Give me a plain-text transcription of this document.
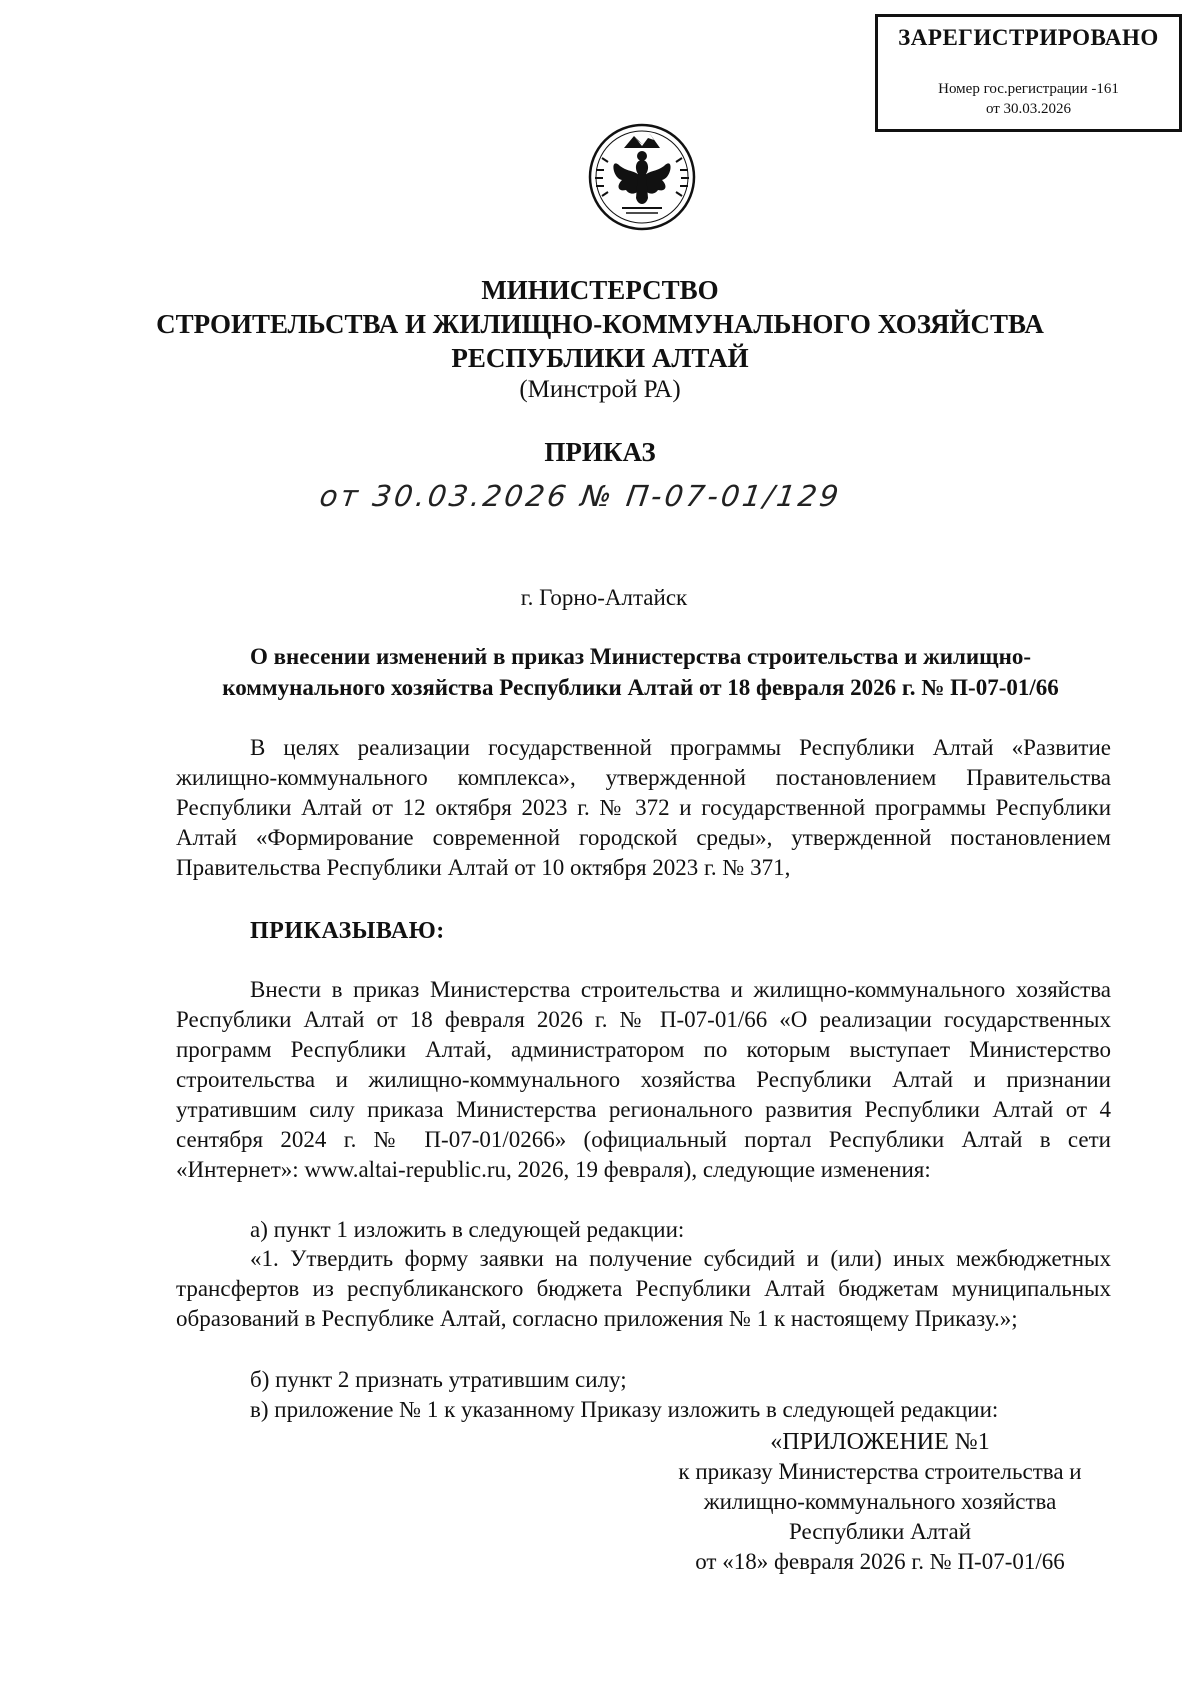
ЗАРЕГИСТРИРОВАНО
Номер гос.регистрации -161
от 30.03.2026
МИНИСТЕРСТВО
СТРОИТЕЛЬСТВА И ЖИЛИЩНО-КОММУНАЛЬНОГО ХОЗЯЙСТВА
РЕСПУБЛИКИ АЛТАЙ
(Минстрой РА)
ПРИКАЗ
от 30.03.2026 № П-07-01/129
г. Горно-Алтайск
О внесении изменений в приказ Министерства строительства и жилищно-
коммунального хозяйства Республики Алтай от 18 февраля 2026 г. № П-07-01/66

В целях реализации государственной программы Республики Алтай «Развитие жилищно-коммунального комплекса», утвержденной постановлением Правительства Республики Алтай от 12 октября 2023 г. № 372 и государственной программы Республики Алтай «Формирование современной городской среды», утвержденной постановлением Правительства Республики Алтай от 10 октября 2023 г. № 371,

ПРИКАЗЫВАЮ:

Внести в приказ Министерства строительства и жилищно-коммунального хозяйства Республики Алтай от 18 февраля 2026 г. № П-07-01/66 «О реализации государственных программ Республики Алтай, администратором по которым выступает Министерство строительства и жилищно-коммунального хозяйства Республики Алтай и признании утратившим силу приказа Министерства регионального развития Республики Алтай от 4 сентября 2024 г. № П-07-01/0266» (официальный портал Республики Алтай в сети «Интернет»: www.altai-republic.ru, 2026, 19 февраля), следующие изменения:

а) пункт 1 изложить в следующей редакции:

«1. Утвердить форму заявки на получение субсидий и (или) иных межбюджетных трансфертов из республиканского бюджета Республики Алтай бюджетам муниципальных образований в Республике Алтай, согласно приложения № 1 к настоящему Приказу.»;

б) пункт 2 признать утратившим силу;
в) приложение № 1 к указанному Приказу изложить в следующей редакции:
«ПРИЛОЖЕНИЕ №1
к приказу Министерства строительства и
жилищно-коммунального хозяйства
Республики Алтай
от «18» февраля 2026 г. № П-07-01/66
